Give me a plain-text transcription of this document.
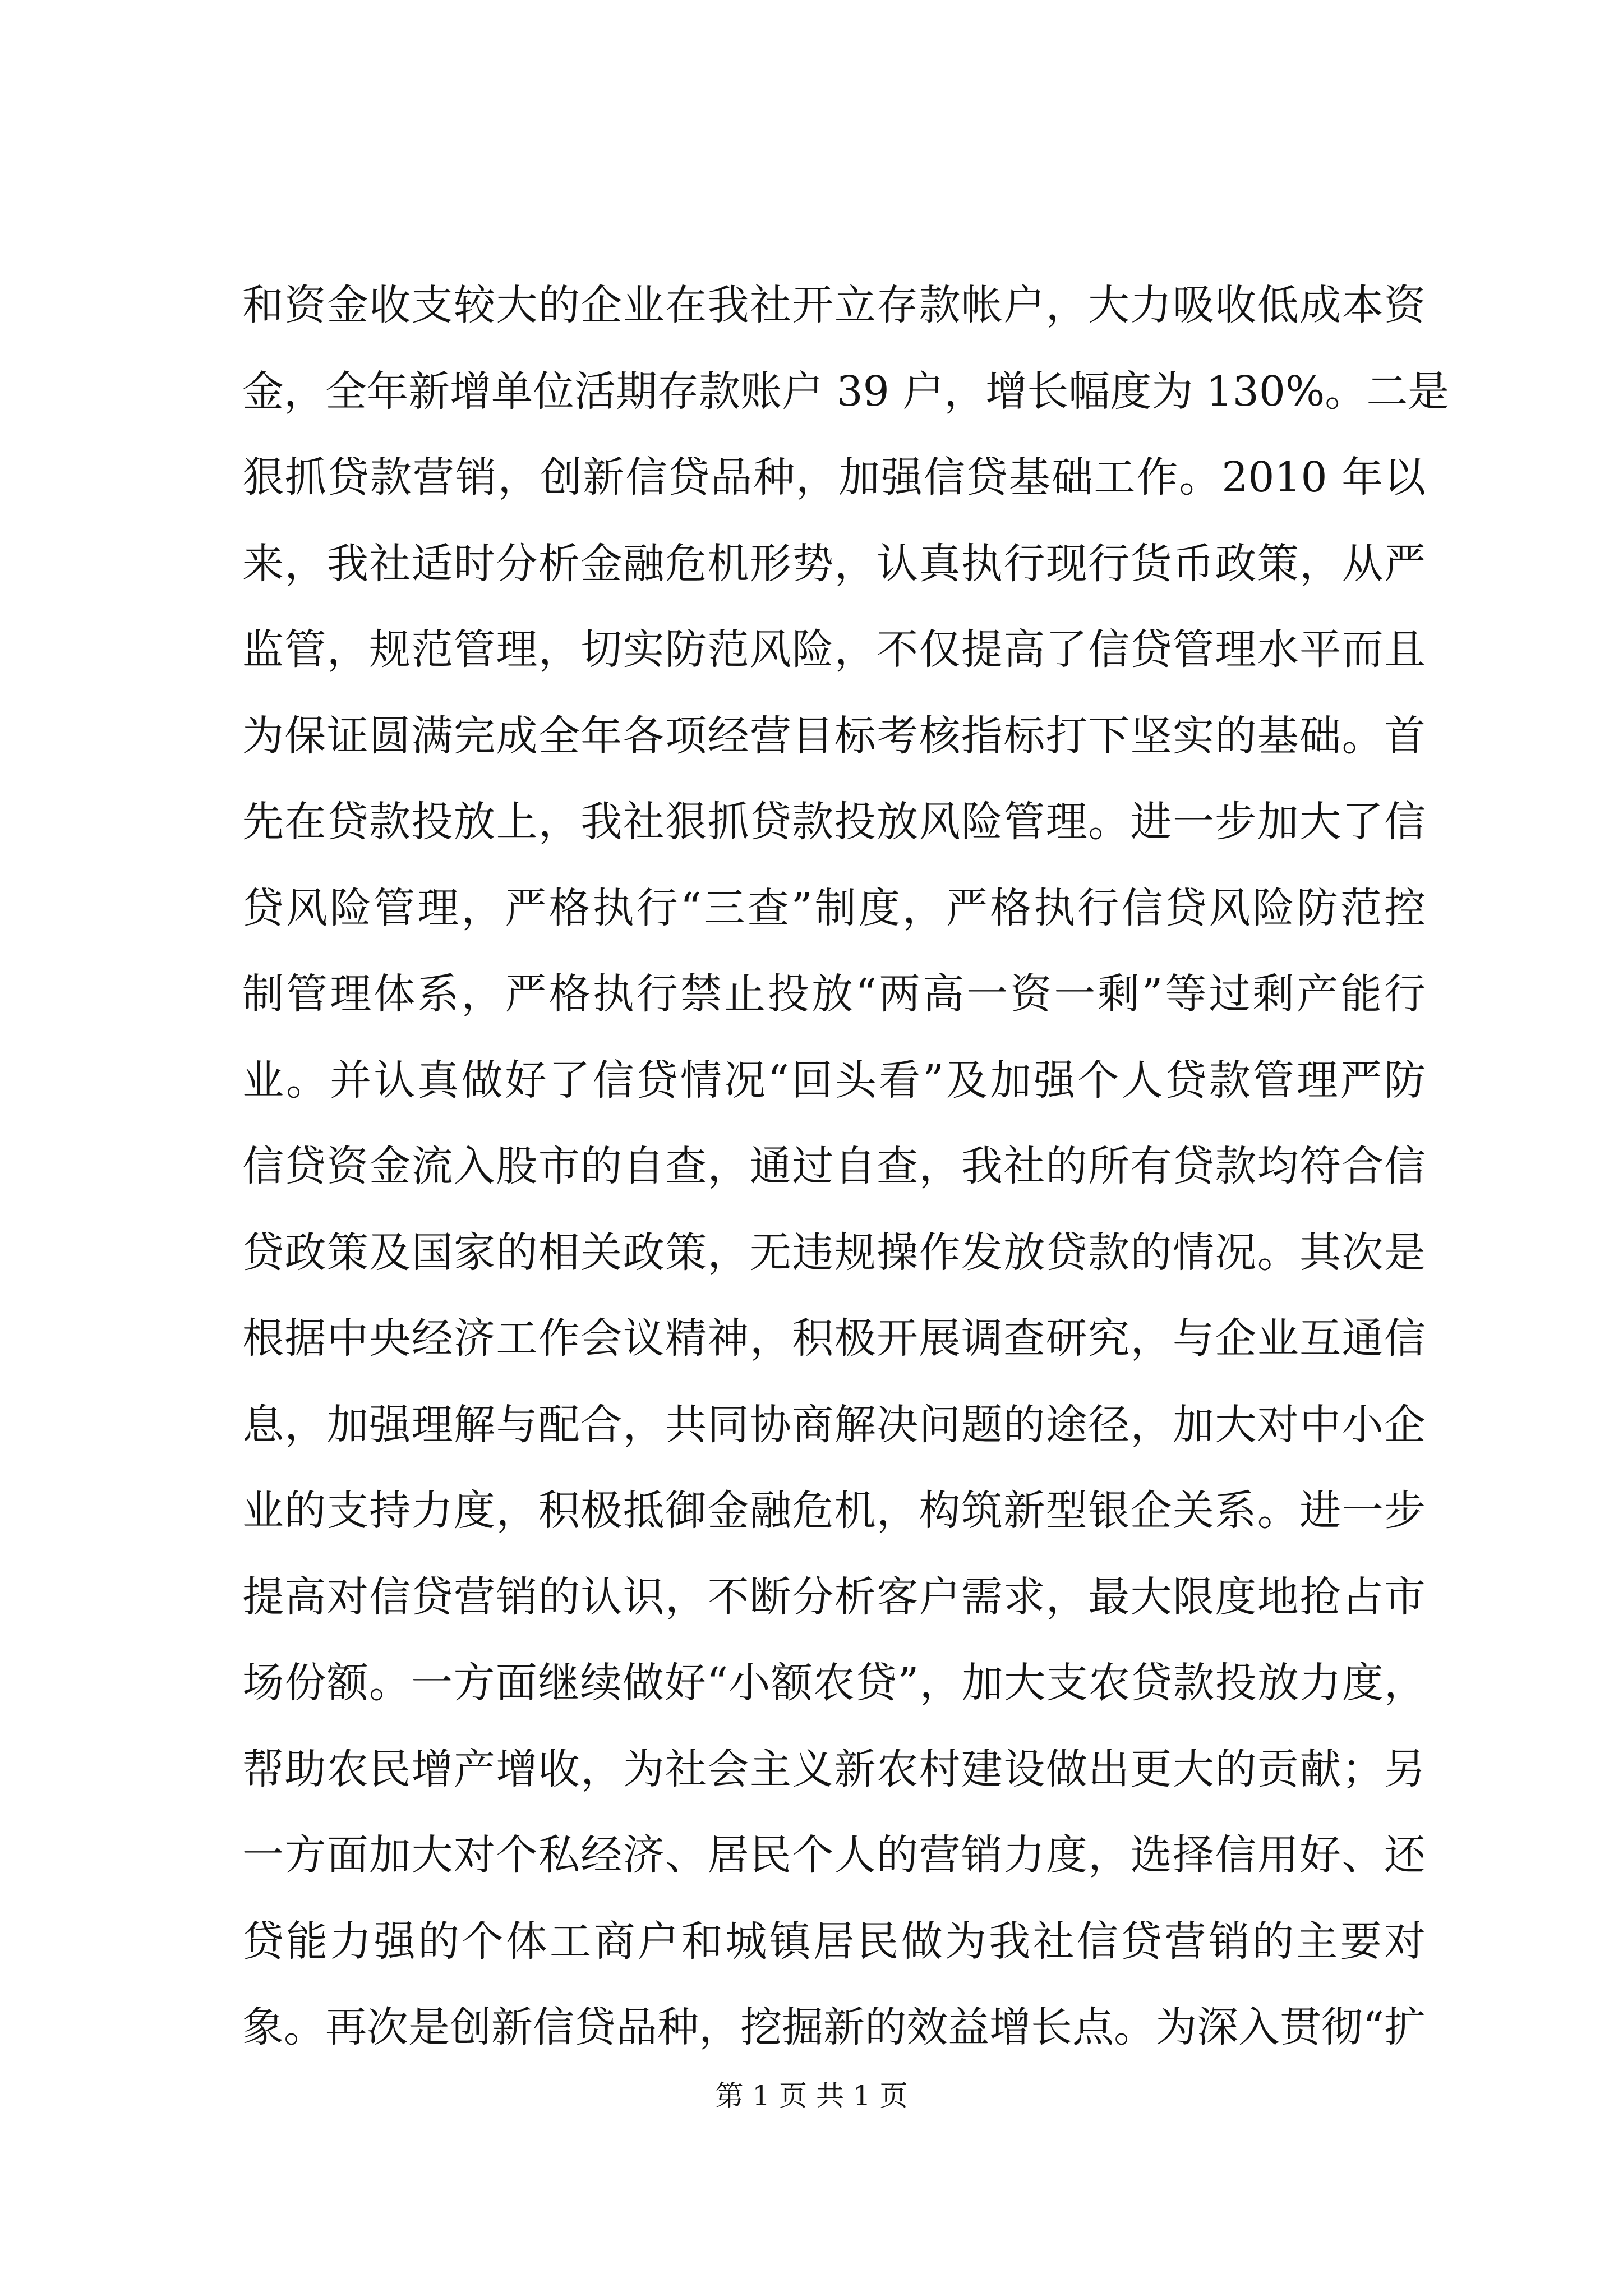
和资金收支较大的企业在我社开立存款帐户，大力吸收低成本资
金，全年新增单位活期存款账户 39 户，增长幅度为 130%。二是
狠抓贷款营销，创新信贷品种，加强信贷基础工作。2010 年以
来，我社适时分析金融危机形势，认真执行现行货币政策，从严
监管，规范管理，切实防范风险，不仅提高了信贷管理水平而且
为保证圆满完成全年各项经营目标考核指标打下坚实的基础。首
先在贷款投放上，我社狠抓贷款投放风险管理。进一步加大了信
贷风险管理，严格执行“三查”制度，严格执行信贷风险防范控
制管理体系，严格执行禁止投放“两高一资一剩”等过剩产能行
业。并认真做好了信贷情况“回头看”及加强个人贷款管理严防
信贷资金流入股市的自查，通过自查，我社的所有贷款均符合信
贷政策及国家的相关政策，无违规操作发放贷款的情况。其次是
根据中央经济工作会议精神，积极开展调查研究，与企业互通信
息，加强理解与配合，共同协商解决问题的途径，加大对中小企
业的支持力度，积极抵御金融危机，构筑新型银企关系。进一步
提高对信贷营销的认识，不断分析客户需求，最大限度地抢占市
场份额。一方面继续做好“小额农贷”，加大支农贷款投放力度，
帮助农民增产增收，为社会主义新农村建设做出更大的贡献；另
一方面加大对个私经济、居民个人的营销力度，选择信用好、还
贷能力强的个体工商户和城镇居民做为我社信贷营销的主要对
象。再次是创新信贷品种，挖掘新的效益增长点。为深入贯彻“扩
第 1 页 共 1 页
